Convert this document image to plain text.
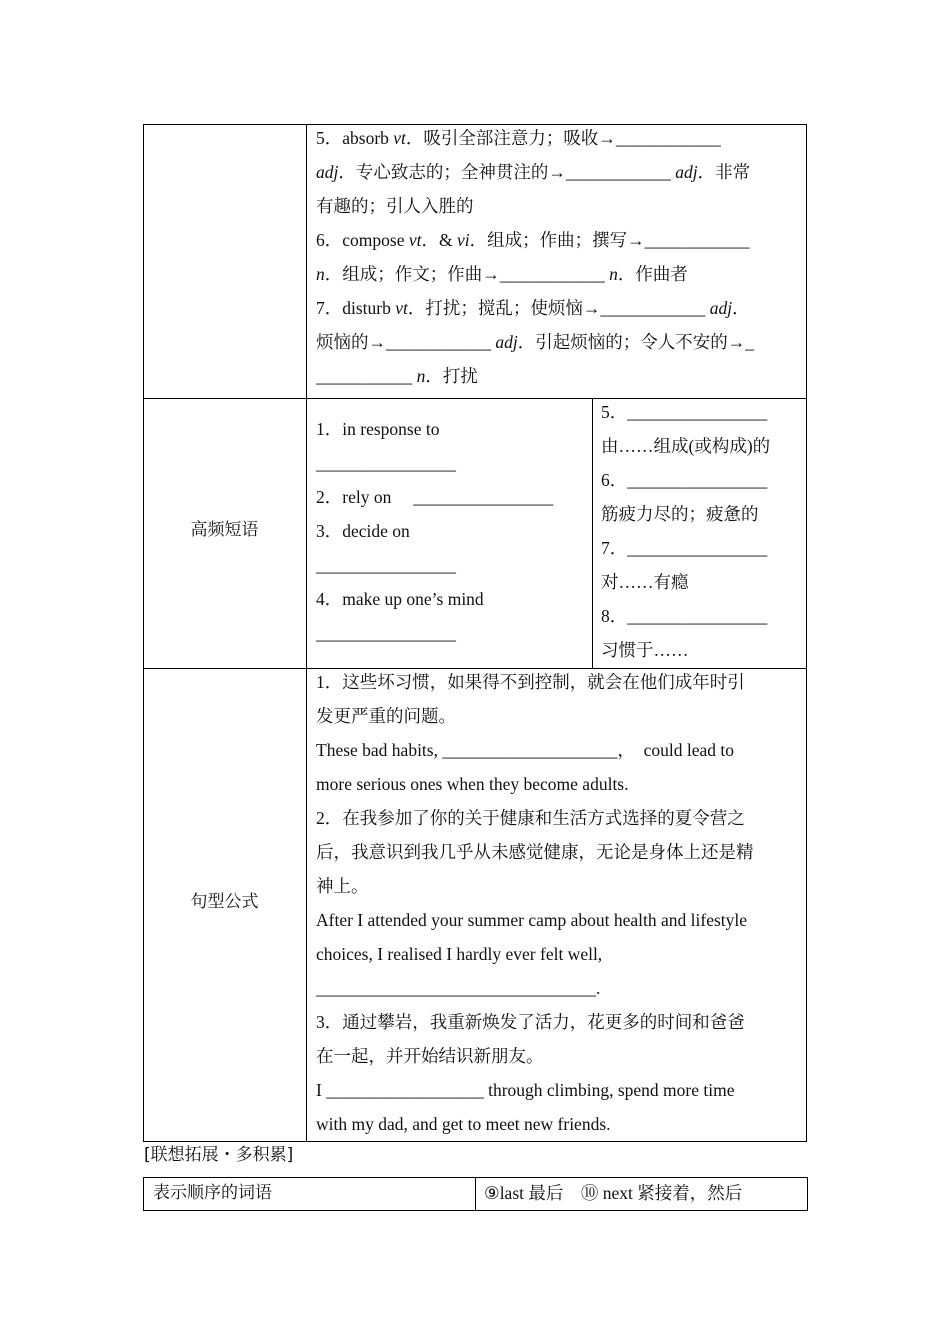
5．absorb vt．吸引全部注意力；吸收→____________
adj．专心致志的；全神贯注的→____________ adj．非常
有趣的；引人入胜的
6．compose vt．& vi．组成；作曲；撰写→____________
n．组成；作文；作曲→____________ n．作曲者
7．disturb vt．打扰；搅乱；使烦恼→____________ adj．
烦恼的→____________ adj．引起烦恼的；令人不安的→_
___________ n．打扰
高频短语
1．in response to
________________
2．rely on　 ________________
3．decide on
________________
4．make up one’s mind
________________
5．________________
由……组成(或构成)的
6．________________
筋疲力尽的；疲惫的
7．________________
对……有瘾
8．________________
习惯于……
句型公式
1．这些坏习惯，如果得不到控制，就会在他们成年时引
发更严重的问题。
These bad habits, ____________________，　could lead to
more serious ones when they become adults.
2．在我参加了你的关于健康和生活方式选择的夏令营之
后，我意识到我几乎从未感觉健康，无论是身体上还是精
神上。
After I attended your summer camp about health and lifestyle
choices, I realised I hardly ever felt well,
________________________________.
3．通过攀岩，我重新焕发了活力，花更多的时间和爸爸
在一起，并开始结识新朋友。
I __________________ through climbing, spend more time
with my dad, and get to meet new friends.
[联想拓展・多积累]
表示顺序的词语	⑨last 最后　⑩ next 紧接着，然后
